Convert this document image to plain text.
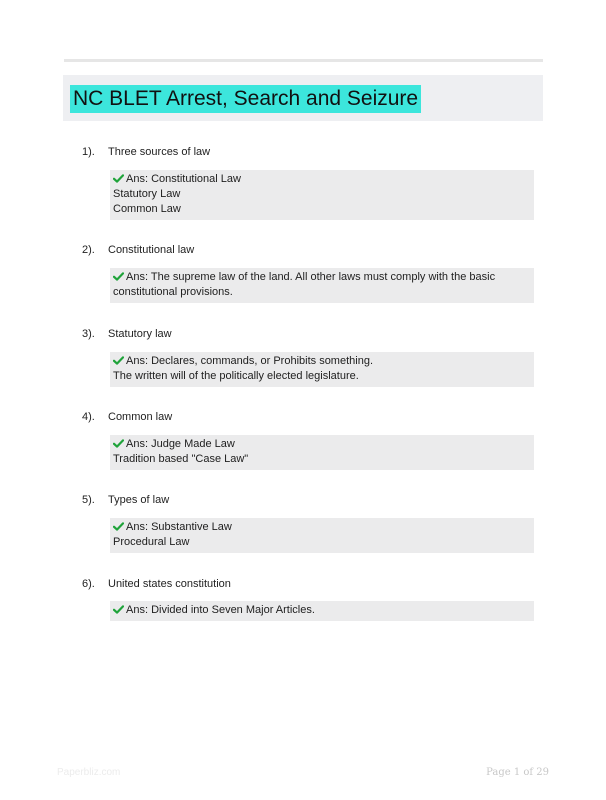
NC BLET Arrest, Search and Seizure
1). Three sources of law
Ans: Constitutional Law
Statutory Law
Common Law
2). Constitutional law
Ans: The supreme law of the land. All other laws must comply with the basic constitutional provisions.
3). Statutory law
Ans: Declares, commands, or Prohibits something.
The written will of the politically elected legislature.
4). Common law
Ans: Judge Made Law
Tradition based "Case Law"
5). Types of law
Ans: Substantive Law
Procedural Law
6). United states constitution
Ans: Divided into Seven Major Articles.
Paperbliz.com	Page 1 of 29
